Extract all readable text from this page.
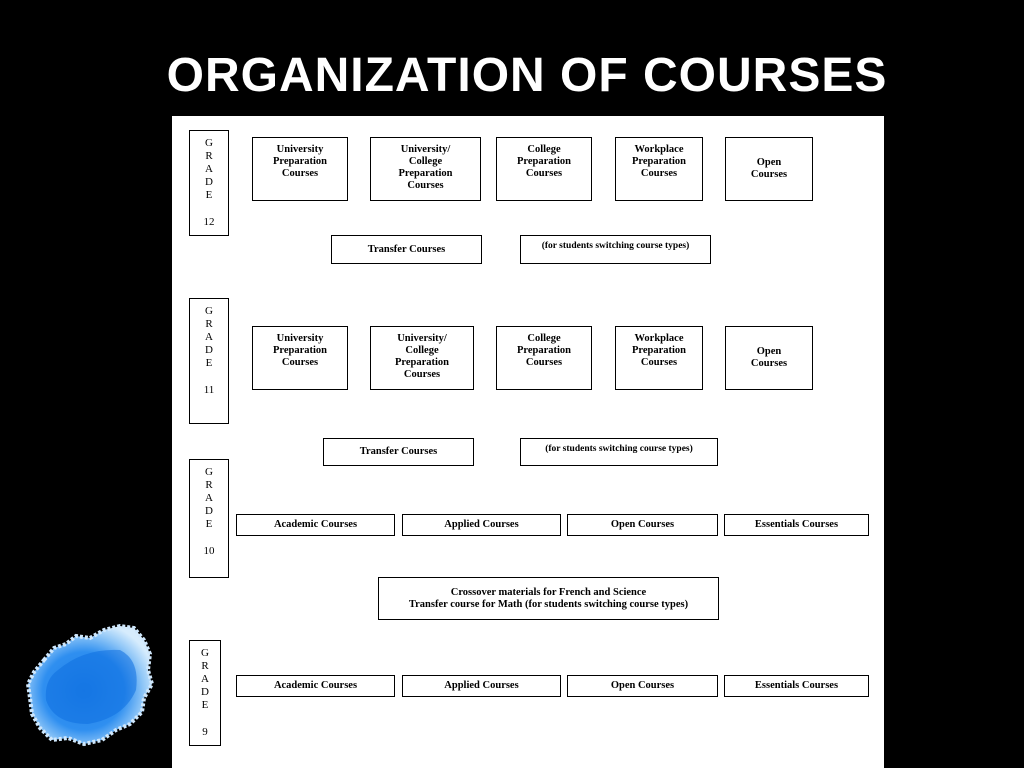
ORGANIZATION OF COURSES
G
R
A
D
E
12
University
Preparation
Courses
University/
College
Preparation
Courses
College
Preparation
Courses
Workplace
Preparation
Courses
Open
Courses
Transfer Courses	(for students switching course types)
G
R
A
D
E
11
University
Preparation
Courses
University/
College
Preparation
Courses
College
Preparation
Courses
Workplace
Preparation
Courses
Open
Courses
Transfer Courses	(for students switching course types)
G
R
A
D
E
10
Academic Courses	Applied Courses	Open Courses	Essentials Courses
Crossover materials for French and Science
Transfer course for Math (for students switching course types)
G
R
A
D
E
9
Academic Courses	Applied Courses	Open Courses	Essentials Courses
